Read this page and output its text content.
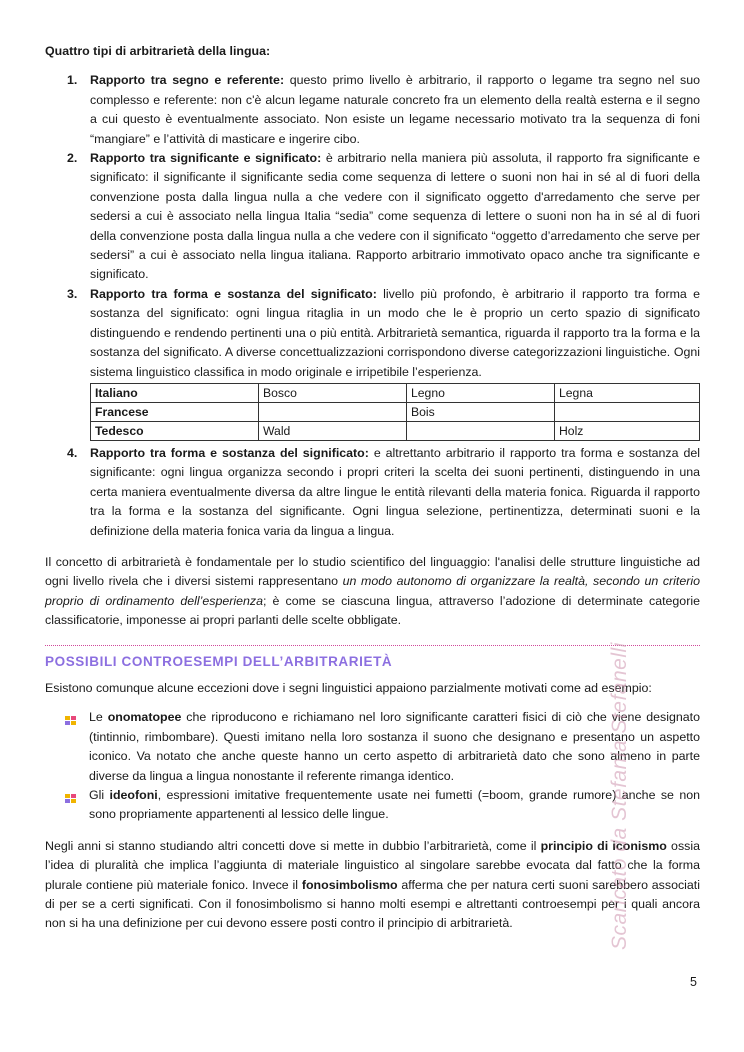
Quattro tipi di arbitrarietà della lingua:

1. Rapporto tra segno e referente: questo primo livello è arbitrario, il rapporto o legame tra segno nel suo complesso e referente: non c'è alcun legame naturale concreto fra un elemento della realtà esterna e il segno a cui questo è eventualmente associato. Non esiste un legame necessario motivato tra la sequenza di foni “mangiare” e l’attività di masticare e ingerire cibo.
2. Rapporto tra significante e significato: è arbitrario nella maniera più assoluta, il rapporto fra significante e significato: il significante il significante sedia come sequenza di lettere o suoni non hai in sé al di fuori della convenzione posta dalla lingua nulla a che vedere con il significato oggetto d'arredamento che serve per sedersi a cui è associato nella lingua Italia “sedia” come sequenza di lettere o suoni non ha in sé al di fuori della convenzione posta dalla lingua nulla a che vedere con il significato “oggetto d’arredamento che serve per sedersi” a cui è associato nella lingua italiana. Rapporto arbitrario immotivato opaco anche tra significante e significato.
3. Rapporto tra forma e sostanza del significato: livello più profondo, è arbitrario il rapporto tra forma e sostanza del significato: ogni lingua ritaglia in un modo che le è proprio un certo spazio di significato distinguendo e rendendo pertinenti una o più entità. Arbitrarietà semantica, riguarda il rapporto tra la forma e la sostanza del significato. A diverse concettualizzazioni corrispondono diverse categorizzazioni linguistiche. Ogni sistema linguistico classifica in modo originale e irripetibile l’esperienza.
Italiano	Bosco	Legno	Legna
Francese		Bois	
Tedesco	Wald		Holz
4. Rapporto tra forma e sostanza del significato: e altrettanto arbitrario il rapporto tra forma e sostanza del significante: ogni lingua organizza secondo i propri criteri la scelta dei suoni pertinenti, distinguendo in una certa maniera eventualmente diversa da altre lingue le entità rilevanti della materia fonica. Riguarda il rapporto tra la forma e la sostanza del significante. Ogni lingua selezione, pertinentizza, determinati suoni e la definizione della materia fonica varia da lingua a lingua.

Il concetto di arbitrarietà è fondamentale per lo studio scientifico del linguaggio: l'analisi delle strutture linguistiche ad ogni livello rivela che i diversi sistemi rappresentano un modo autonomo di organizzare la realtà, secondo un criterio proprio di ordinamento dell’esperienza; è come se ciascuna lingua, attraverso l’adozione di determinate categorie classificatorie, imponesse ai propri parlanti delle scelte obbligate.

POSSIBILI CONTROESEMPI DELL’ARBITRARIETÀ

Esistono comunque alcune eccezioni dove i segni linguistici appaiono parzialmente motivati come ad esempio:

Le onomatopee che riproducono e richiamano nel loro significante caratteri fisici di ciò che viene designato (tintinnio, rimbombare). Questi imitano nella loro sostanza il suono che designano e presentano un aspetto iconico. Va notato che anche queste hanno un certo aspetto di arbitrarietà dato che sono almeno in parte diverse da lingua a lingua nonostante il referente rimanga identico.
Gli ideofoni, espressioni imitative frequentemente usate nei fumetti (=boom, grande rumore) anche se non sono propriamente appartenenti al lessico delle lingue.

Negli anni si stanno studiando altri concetti dove si mette in dubbio l’arbitrarietà, come il principio di iconismo ossia l’idea di pluralità che implica l’aggiunta di materiale linguistico al singolare sarebbe evocata dal fatto che la forma plurale contiene più materiale fonico. Invece il fonosimbolismo afferma che per natura certi suoni sarebbero associati di per se a certi significati. Con il fonosimbolismo si hanno molti esempi e altrettanti controesempi per i quali ancora non si ha una definizione per cui devono essere posti contro il principio di arbitrarietà.	Scaricato da Stefania Stefanelli
5
